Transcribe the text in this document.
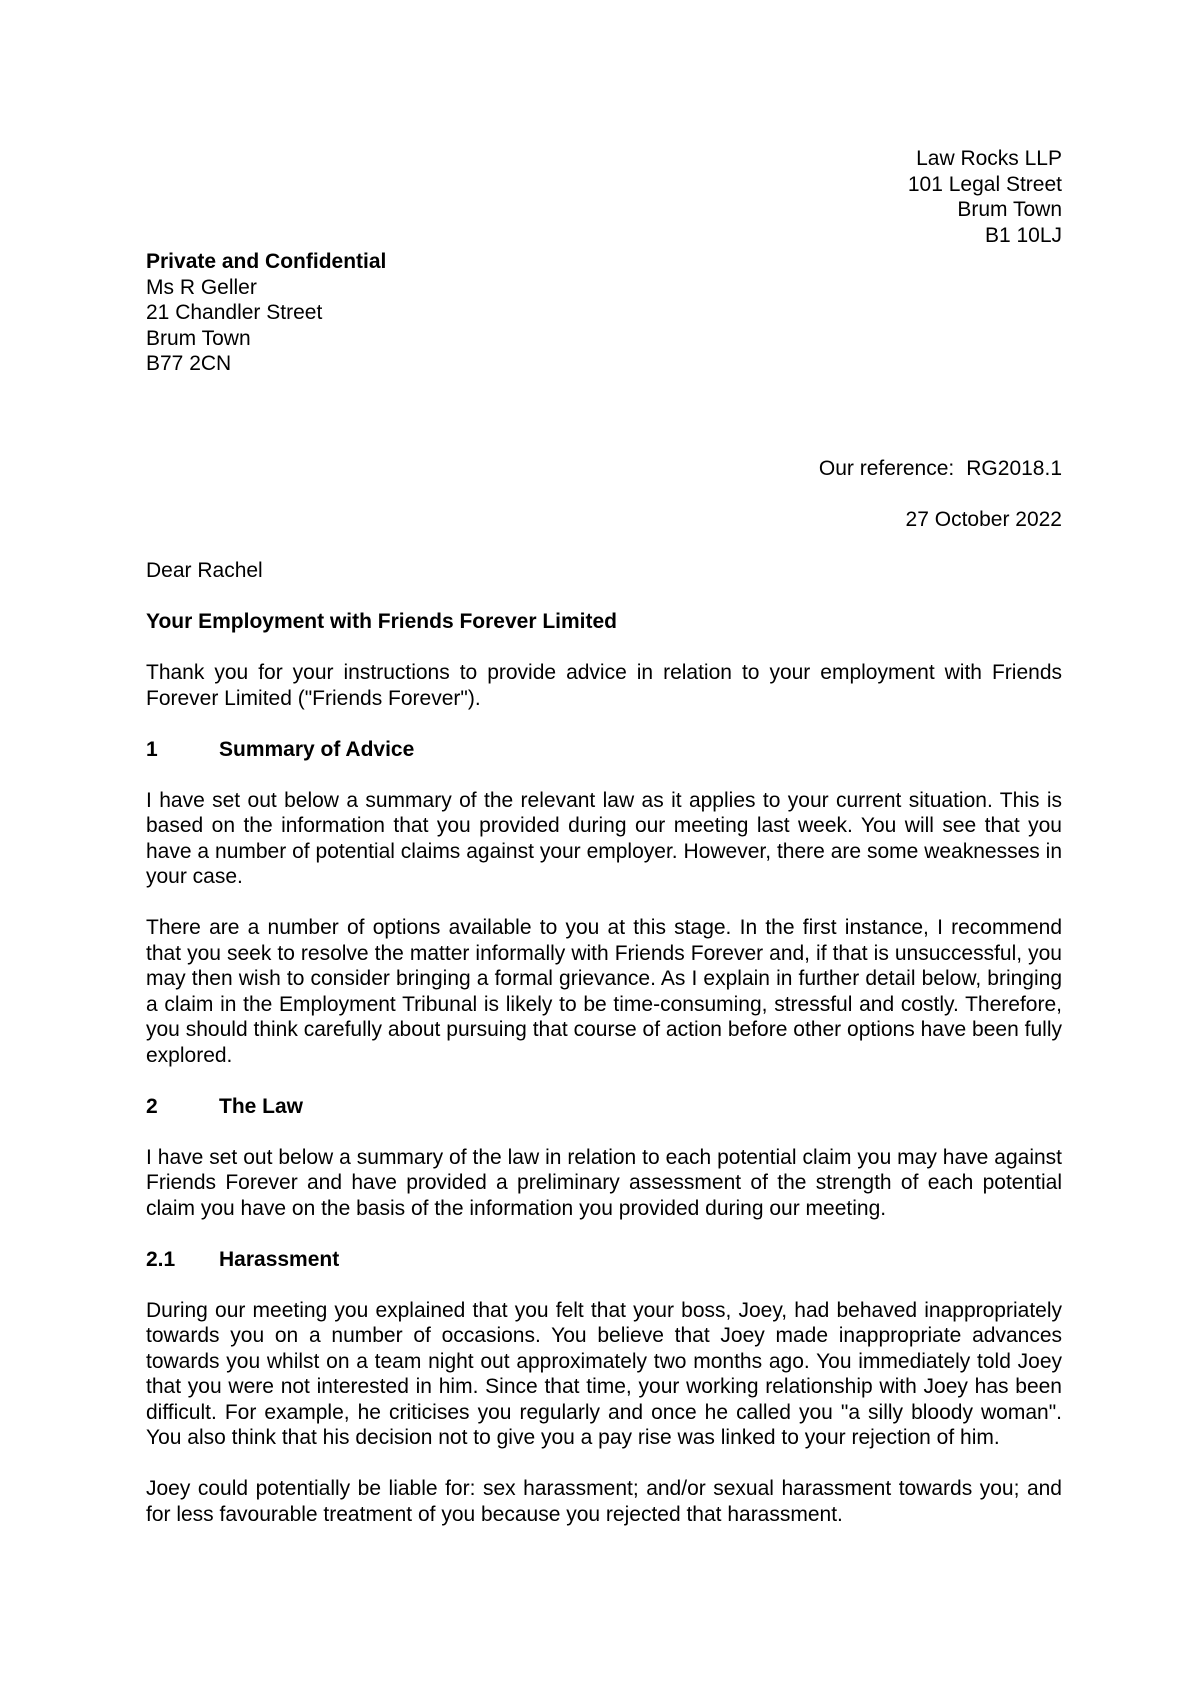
Law Rocks LLP
101 Legal Street
Brum Town
B1 10LJ
Private and Confidential
Ms R Geller
21 Chandler Street
Brum Town
B77 2CN
Our reference: RG2018.1
27 October 2022

Dear Rachel

Your Employment with Friends Forever Limited

Thank you for your instructions to provide advice in relation to your employment with Friends Forever Limited ("Friends Forever").

1	Summary of Advice

I have set out below a summary of the relevant law as it applies to your current situation. This is based on the information that you provided during our meeting last week. You will see that you have a number of potential claims against your employer. However, there are some weaknesses in your case.

There are a number of options available to you at this stage. In the first instance, I recommend that you seek to resolve the matter informally with Friends Forever and, if that is unsuccessful, you may then wish to consider bringing a formal grievance. As I explain in further detail below, bringing a claim in the Employment Tribunal is likely to be time-consuming, stressful and costly. Therefore, you should think carefully about pursuing that course of action before other options have been fully explored.

2	The Law

I have set out below a summary of the law in relation to each potential claim you may have against Friends Forever and have provided a preliminary assessment of the strength of each potential claim you have on the basis of the information you provided during our meeting.

2.1 Harassment

During our meeting you explained that you felt that your boss, Joey, had behaved inappropriately towards you on a number of occasions. You believe that Joey made inappropriate advances towards you whilst on a team night out approximately two months ago. You immediately told Joey that you were not interested in him. Since that time, your working relationship with Joey has been difficult. For example, he criticises you regularly and once he called you "a silly bloody woman". You also think that his decision not to give you a pay rise was linked to your rejection of him.

Joey could potentially be liable for: sex harassment; and/or sexual harassment towards you; and for less favourable treatment of you because you rejected that harassment.
